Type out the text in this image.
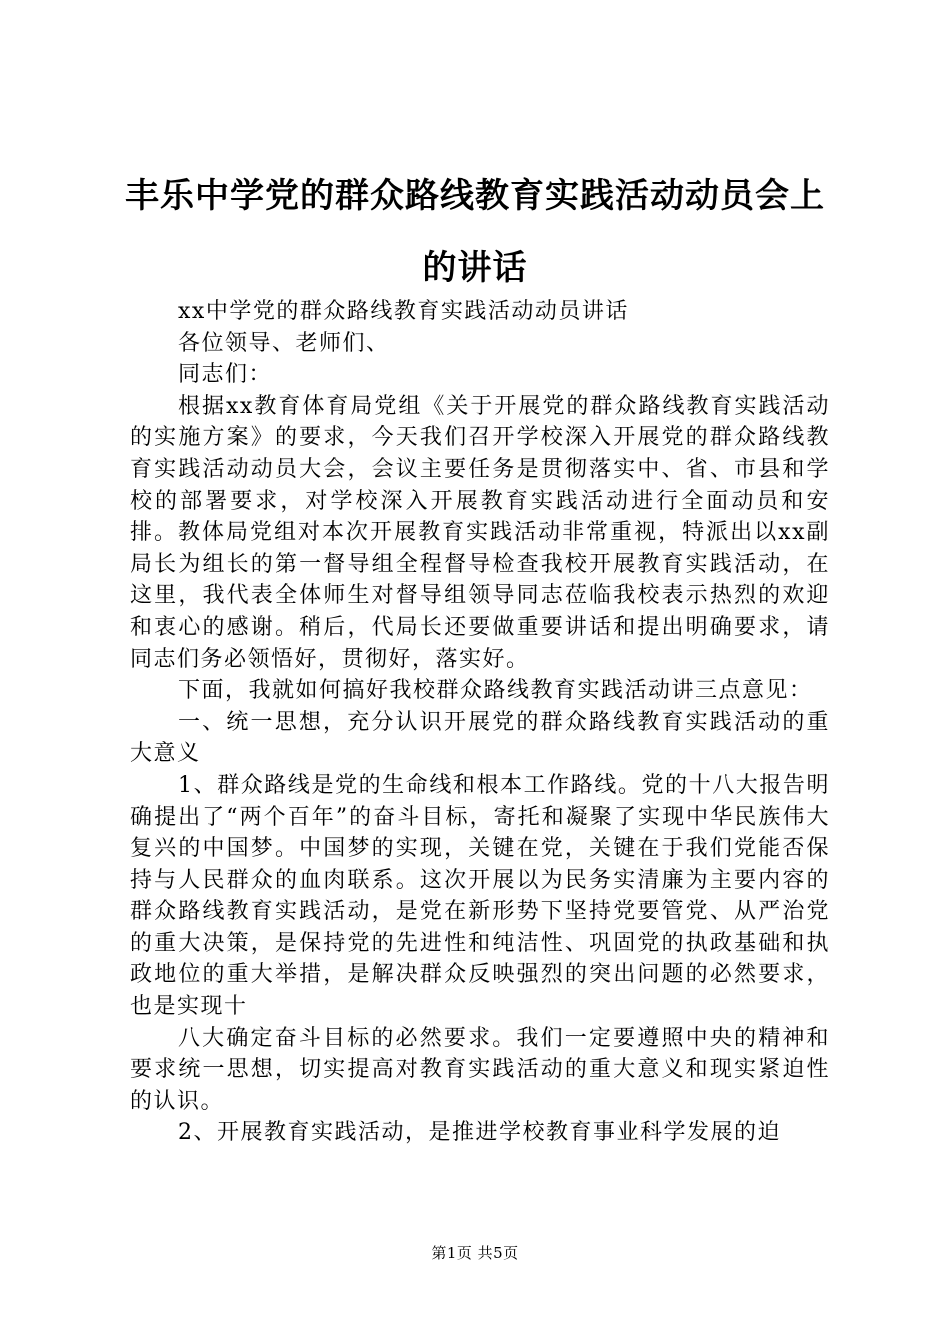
丰乐中学党的群众路线教育实践活动动员会上
的讲话

xx中学党的群众路线教育实践活动动员讲话

各位领导、老师们、

同志们：

根据xx教育体育局党组《关于开展党的群众路线教育实践活动的实施方案》的要求，今天我们召开学校深入开展党的群众路线教育实践活动动员大会，会议主要任务是贯彻落实中、省、市县和学校的部署要求，对学校深入开展教育实践活动进行全面动员和安排。教体局党组对本次开展教育实践活动非常重视，特派出以xx副局长为组长的第一督导组全程督导检查我校开展教育实践活动，在这里，我代表全体师生对督导组领导同志莅临我校表示热烈的欢迎和衷心的感谢。稍后，代局长还要做重要讲话和提出明确要求，请同志们务必领悟好，贯彻好，落实好。

下面，我就如何搞好我校群众路线教育实践活动讲三点意见：

一、统一思想，充分认识开展党的群众路线教育实践活动的重大意义

1、群众路线是党的生命线和根本工作路线。党的十八大报告明确提出了“两个百年”的奋斗目标，寄托和凝聚了实现中华民族伟大复兴的中国梦。中国梦的实现，关键在党，关键在于我们党能否保持与人民群众的血肉联系。这次开展以为民务实清廉为主要内容的群众路线教育实践活动，是党在新形势下坚持党要管党、从严治党的重大决策，是保持党的先进性和纯洁性、巩固党的执政基础和执政地位的重大举措，是解决群众反映强烈的突出问题的必然要求，也是实现十

八大确定奋斗目标的必然要求。我们一定要遵照中央的精神和要求统一思想，切实提高对教育实践活动的重大意义和现实紧迫性的认识。

2、开展教育实践活动，是推进学校教育事业科学发展的迫

第1页 共5页
